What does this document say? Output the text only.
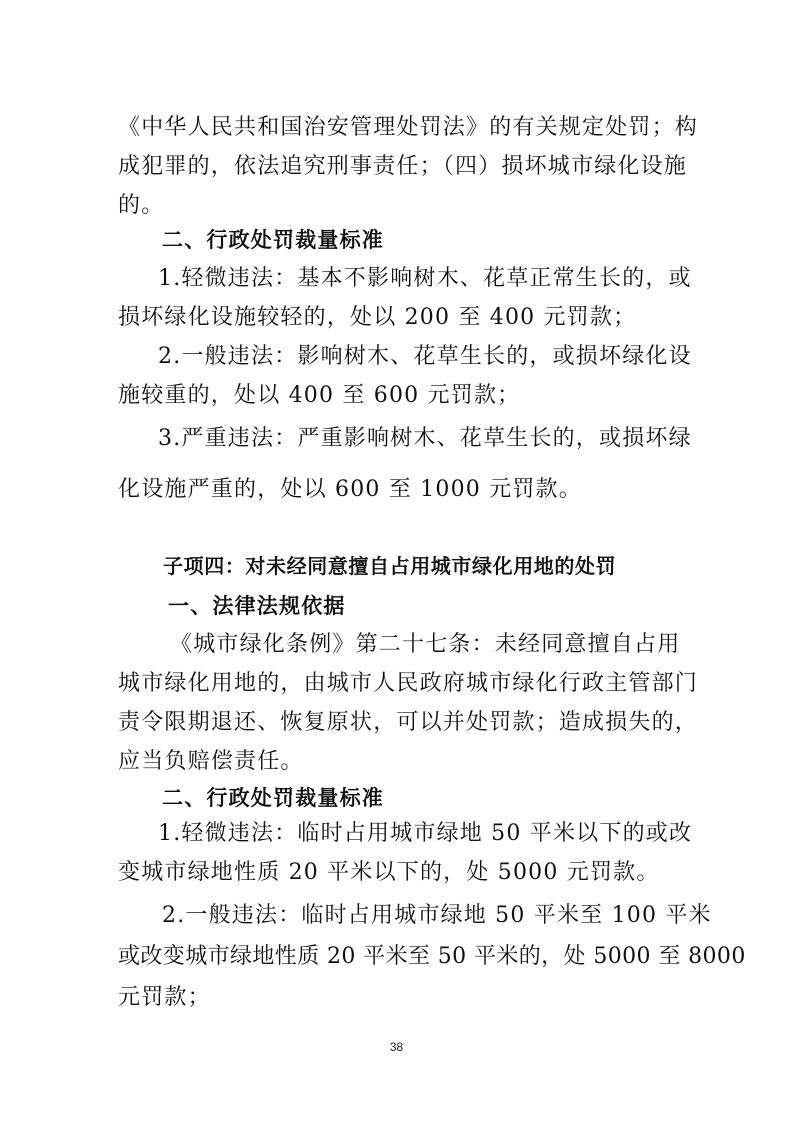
《中华人民共和国治安管理处罚法》的有关规定处罚；构
成犯罪的，依法追究刑事责任；（四）损坏城市绿化设施
的。
二、行政处罚裁量标准
1.轻微违法：基本不影响树木、花草正常生长的，或
损坏绿化设施较轻的，处以 200 至 400 元罚款；
2.一般违法：影响树木、花草生长的，或损坏绿化设
施较重的，处以 400 至 600 元罚款；
3.严重违法：严重影响树木、花草生长的，或损坏绿
化设施严重的，处以 600 至 1000 元罚款。
子项四：对未经同意擅自占用城市绿化用地的处罚
一、法律法规依据
《城市绿化条例》第二十七条：未经同意擅自占用
城市绿化用地的，由城市人民政府城市绿化行政主管部门
责令限期退还、恢复原状，可以并处罚款；造成损失的，
应当负赔偿责任。
二、行政处罚裁量标准
1.轻微违法：临时占用城市绿地 50 平米以下的或改
变城市绿地性质 20 平米以下的，处 5000 元罚款。
2.一般违法：临时占用城市绿地 50 平米至 100 平米
或改变城市绿地性质 20 平米至 50 平米的，处 5000 至 8000
元罚款；
38
